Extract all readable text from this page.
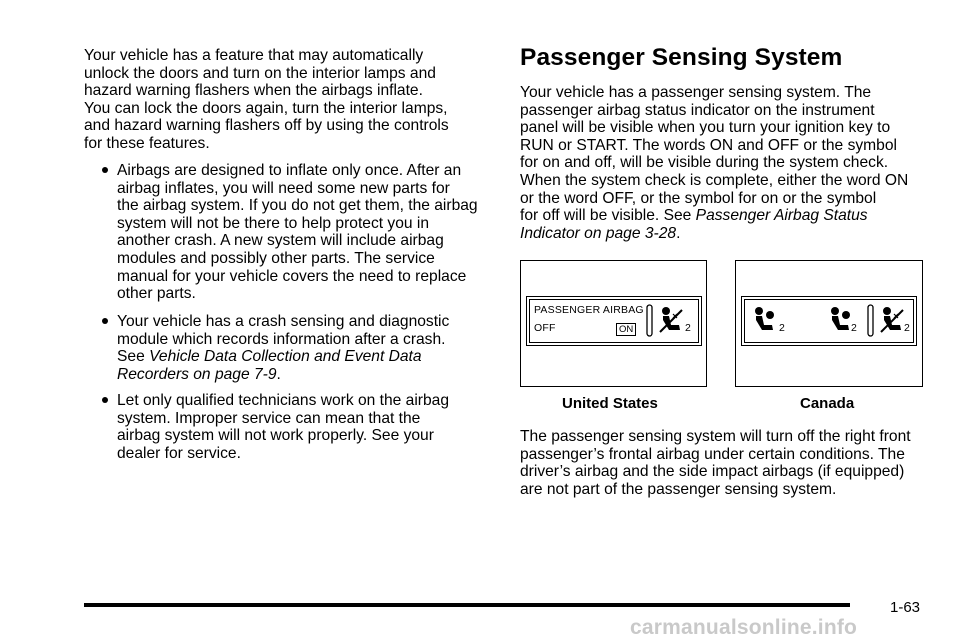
Your vehicle has a feature that may automatically
unlock the doors and turn on the interior lamps and
hazard warning flashers when the airbags inflate.
You can lock the doors again, turn the interior lamps,
and hazard warning flashers off by using the controls
for these features.

Airbags are designed to inflate only once. After an
airbag inflates, you will need some new parts for
the airbag system. If you do not get them, the airbag
system will not be there to help protect you in
another crash. A new system will include airbag
modules and possibly other parts. The service
manual for your vehicle covers the need to replace
other parts.

Your vehicle has a crash sensing and diagnostic
module which records information after a crash.
See Vehicle Data Collection and Event Data
Recorders on page 7-9.

Let only qualified technicians work on the airbag
system. Improper service can mean that the
airbag system will not work properly. See your
dealer for service.

Passenger Sensing System

Your vehicle has a passenger sensing system. The
passenger airbag status indicator on the instrument
panel will be visible when you turn your ignition key to
RUN or START. The words ON and OFF or the symbol
for on and off, will be visible during the system check.
When the system check is complete, either the word ON
or the word OFF, or the symbol for on or the symbol
for off will be visible. See Passenger Airbag Status
Indicator on page 3-28.

PASSENGER AIRBAG
OFF	ON	2	2	2	2
United States	Canada

The passenger sensing system will turn off the right front
passenger’s frontal airbag under certain conditions. The
driver’s airbag and the side impact airbags (if equipped)
are not part of the passenger sensing system.

1-63
carmanualsonline.info
